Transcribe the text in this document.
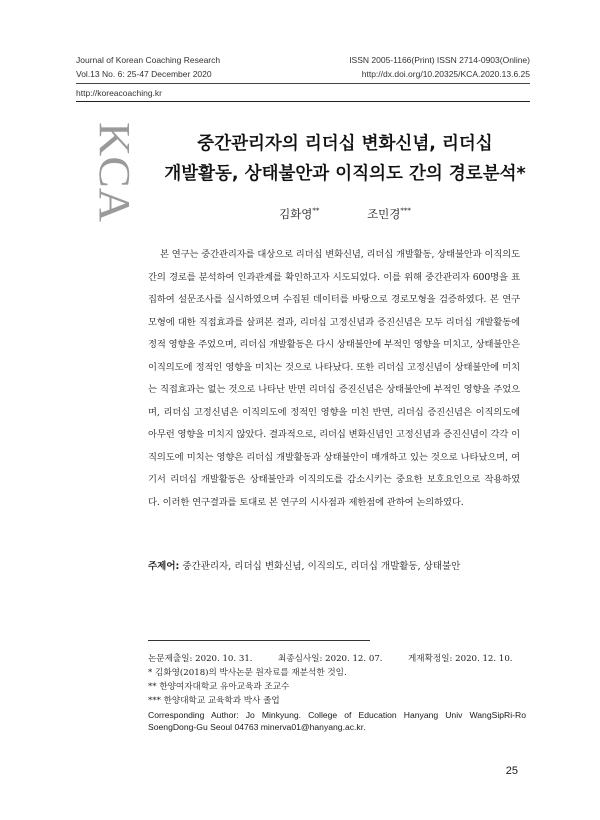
Journal of Korean Coaching Research	ISSN 2005-1166(Print) ISSN 2714-0903(Online)
Vol.13 No. 6: 25-47 December 2020	http://dx.doi.org/10.20325/KCA.2020.13.6.25
http://koreacoaching.kr
KCA	중간관리자의 리더십 변화신념, 리더십
개발활동, 상태불안과 이직의도 간의 경로분석*
김화영**	조민경***

본 연구는 중간관리자를 대상으로 리더십 변화신념, 리더십 개발활동, 상태불안과 이직의도 간의 경로를 분석하여 인과관계를 확인하고자 시도되었다. 이를 위해 중간관리자 600명을 표집하여 설문조사를 실시하였으며 수집된 데이터를 바탕으로 경로모형을 검증하였다. 본 연구 모형에 대한 직접효과를 살펴본 결과, 리더십 고정신념과 증진신념은 모두 리더십 개발활동에 정적 영향을 주었으며, 리더십 개발활동은 다시 상태불안에 부적인 영향을 미치고, 상태불안은 이직의도에 정적인 영향을 미치는 것으로 나타났다. 또한 리더십 고정신념이 상태불안에 미치는 직접효과는 없는 것으로 나타난 반면 리더십 증진신념은 상태불안에 부적인 영향을 주었으며, 리더십 고정신념은 이직의도에 정적인 영향을 미친 반면, 리더십 증진신념은 이직의도에 아무런 영향을 미치지 않았다. 결과적으로, 리더십 변화신념인 고정신념과 증진신념이 각각 이직의도에 미치는 영향은 리더십 개발활동과 상태불안이 매개하고 있는 것으로 나타났으며, 여기서 리더십 개발활동은 상태불안과 이직의도를 감소시키는 중요한 보호요인으로 작용하였다. 이러한 연구결과를 토대로 본 연구의 시사점과 제한점에 관하여 논의하였다.

주제어: 중간관리자, 리더십 변화신념, 이직의도, 리더십 개발활동, 상태불안
논문제출일: 2020. 10. 31.	최종심사일: 2020. 12. 07.	게재확정일: 2020. 12. 10.

* 김화영(2018)의 박사논문 원자료를 재분석한 것임.

** 한양여자대학교 유아교육과 조교수

*** 한양대학교 교육학과 박사 졸업

Corresponding Author: Jo Minkyung. College of Education Hanyang Univ WangSipRi-Ro SoengDong-Gu Seoul 04763 minerva01@hanyang.ac.kr.

25
